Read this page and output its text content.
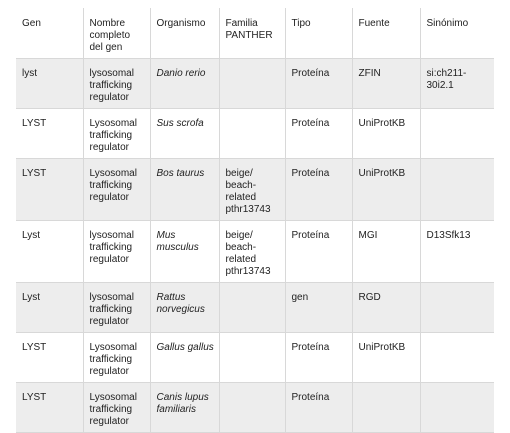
Gen	Nombre completo del gen	Organismo	Familia PANTHER	Tipo	Fuente	Sinónimo
lyst	lysosomal trafficking regulator	Danio rerio		Proteína	ZFIN	si:ch211-30i2.1
LYST	Lysosomal trafficking regulator	Sus scrofa		Proteína	UniProtKB	
LYST	Lysosomal trafficking regulator	Bos taurus	beige/ beach-related pthr13743	Proteína	UniProtKB	
Lyst	lysosomal trafficking regulator	Mus musculus	beige/ beach-related pthr13743	Proteína	MGI	D13Sfk13
Lyst	lysosomal trafficking regulator	Rattus norvegicus		gen	RGD	
LYST	Lysosomal trafficking regulator	Gallus gallus		Proteína	UniProtKB	
LYST	Lysosomal trafficking regulator	Canis lupus familiaris		Proteína		
